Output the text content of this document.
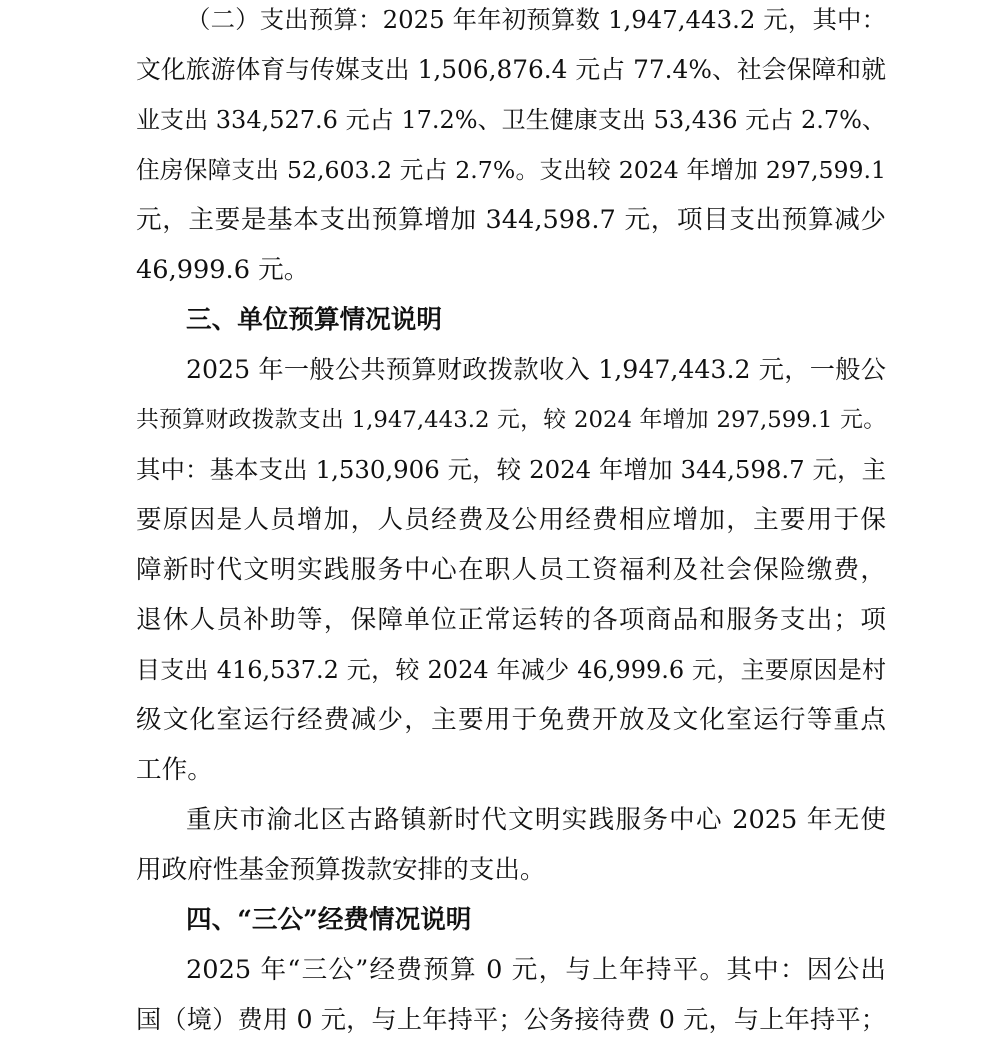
（二）支出预算：2025 年年初预算数 1,947,443.2 元，其中：
文化旅游体育与传媒支出 1,506,876.4 元占 77.4%、社会保障和就
业支出 334,527.6 元占 17.2%、卫生健康支出 53,436 元占 2.7%、
住房保障支出 52,603.2 元占 2.7%。支出较 2024 年增加 297,599.1
元，主要是基本支出预算增加 344,598.7 元，项目支出预算减少
46,999.6 元。
三、单位预算情况说明
2025 年一般公共预算财政拨款收入 1,947,443.2 元，一般公
共预算财政拨款支出 1,947,443.2 元，较 2024 年增加 297,599.1 元。
其中：基本支出 1,530,906 元，较 2024 年增加 344,598.7 元，主
要原因是人员增加，人员经费及公用经费相应增加，主要用于保
障新时代文明实践服务中心在职人员工资福利及社会保险缴费，
退休人员补助等，保障单位正常运转的各项商品和服务支出；项
目支出 416,537.2 元，较 2024 年减少 46,999.6 元，主要原因是村
级文化室运行经费减少，主要用于免费开放及文化室运行等重点
工作。
重庆市渝北区古路镇新时代文明实践服务中心 2025 年无使
用政府性基金预算拨款安排的支出。
四、“三公”经费情况说明
2025 年“三公”经费预算 0 元，与上年持平。其中：因公出
国（境）费用 0 元，与上年持平；公务接待费 0 元，与上年持平；
